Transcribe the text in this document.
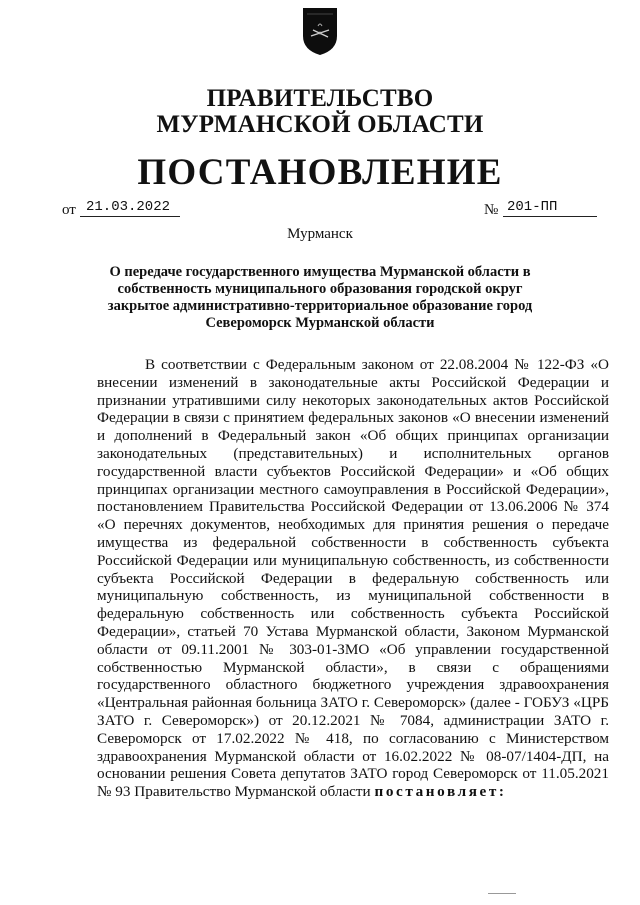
ПРАВИТЕЛЬСТВО
МУРМАНСКОЙ ОБЛАСТИ
ПОСТАНОВЛЕНИЕ
от 21.03.2022	№ 201-ПП
Мурманск
О передаче государственного имущества Мурманской области в собственность муниципального образования городской округ закрытое административно-территориальное образование город Североморск Мурманской области
В соответствии с Федеральным законом от 22.08.2004 № 122-ФЗ «О внесении изменений в законодательные акты Российской Федерации и признании утратившими силу некоторых законодательных актов Российской Федерации в связи с принятием федеральных законов «О внесении изменений и дополнений в Федеральный закон «Об общих принципах организации законодательных (представительных) и исполнительных органов государственной власти субъектов Российской Федерации» и «Об общих принципах организации местного самоуправления в Российской Федерации», постановлением Правительства Российской Федерации от 13.06.2006 № 374 «О перечнях документов, необходимых для принятия решения о передаче имущества из федеральной собственности в собственность субъекта Российской Федерации или муниципальную собственность, из собственности субъекта Российской Федерации в федеральную собственность или муниципальную собственность, из муниципальной собственности в федеральную собственность или собственность субъекта Российской Федерации», статьей 70 Устава Мурманской области, Законом Мурманской области от 09.11.2001 № 303-01-ЗМО «Об управлении государственной собственностью Мурманской области», в связи с обращениями государственного областного бюджетного учреждения здравоохранения «Центральная районная больница ЗАТО г. Североморск» (далее - ГОБУЗ «ЦРБ ЗАТО г. Североморск») от 20.12.2021 № 7084, администрации ЗАТО г. Североморск от 17.02.2022 № 418, по согласованию с Министерством здравоохранения Мурманской области от 16.02.2022 № 08-07/1404-ДП, на основании решения Совета депутатов ЗАТО город Североморск от 11.05.2021 № 93 Правительство Мурманской области постановляет:
